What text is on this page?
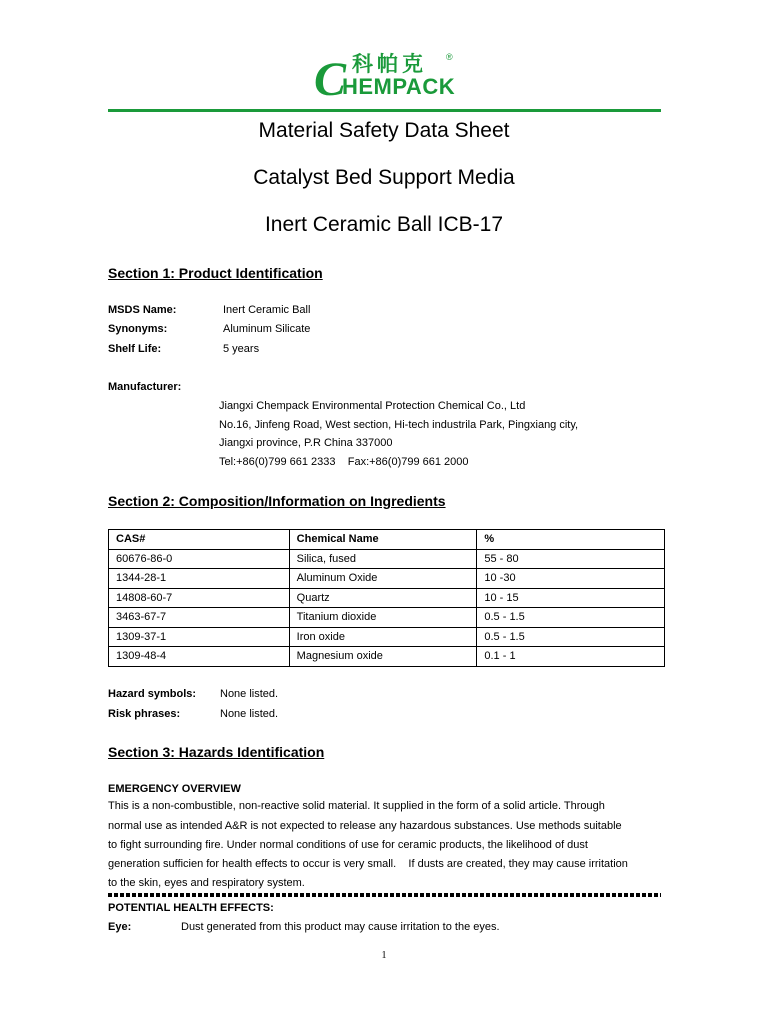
科帕克
C
HEMPACK
®
Material Safety Data Sheet
Catalyst Bed Support Media
Inert Ceramic Ball ICB-17
Section 1: Product Identification
MSDS Name:	Inert Ceramic Ball
Synonyms:	Aluminum Silicate
Shelf Life:	5 years
Manufacturer:
Jiangxi Chempack Environmental Protection Chemical Co., Ltd
No.16, Jinfeng Road, West section, Hi-tech industrila Park, Pingxiang city,
Jiangxi province, P.R China 337000
Tel:+86(0)799 661 2333    Fax:+86(0)799 661 2000
Section 2: Composition/Information on Ingredients
CAS#	Chemical Name	%
60676-86-0	Silica, fused	55 - 80
1344-28-1	Aluminum Oxide	10 -30
14808-60-7	Quartz	10 - 15
3463-67-7	Titanium dioxide	0.5 - 1.5
1309-37-1	Iron oxide	0.5 - 1.5
1309-48-4	Magnesium oxide	0.1 - 1
Hazard symbols: None listed.
Risk phrases:	None listed.
Section 3: Hazards Identification
EMERGENCY OVERVIEW
This is a non-combustible, non-reactive solid material. It supplied in the form of a solid article. Through
normal use as intended A&R is not expected to release any hazardous substances. Use methods suitable
to fight surrounding fire. Under normal conditions of use for ceramic products, the likelihood of dust
generation sufficien for health effects to occur is very small.    If dusts are created, they may cause irritation
to the skin, eyes and respiratory system.
POTENTIAL HEALTH EFFECTS:
Eye:	Dust generated from this product may cause irritation to the eyes.
1
